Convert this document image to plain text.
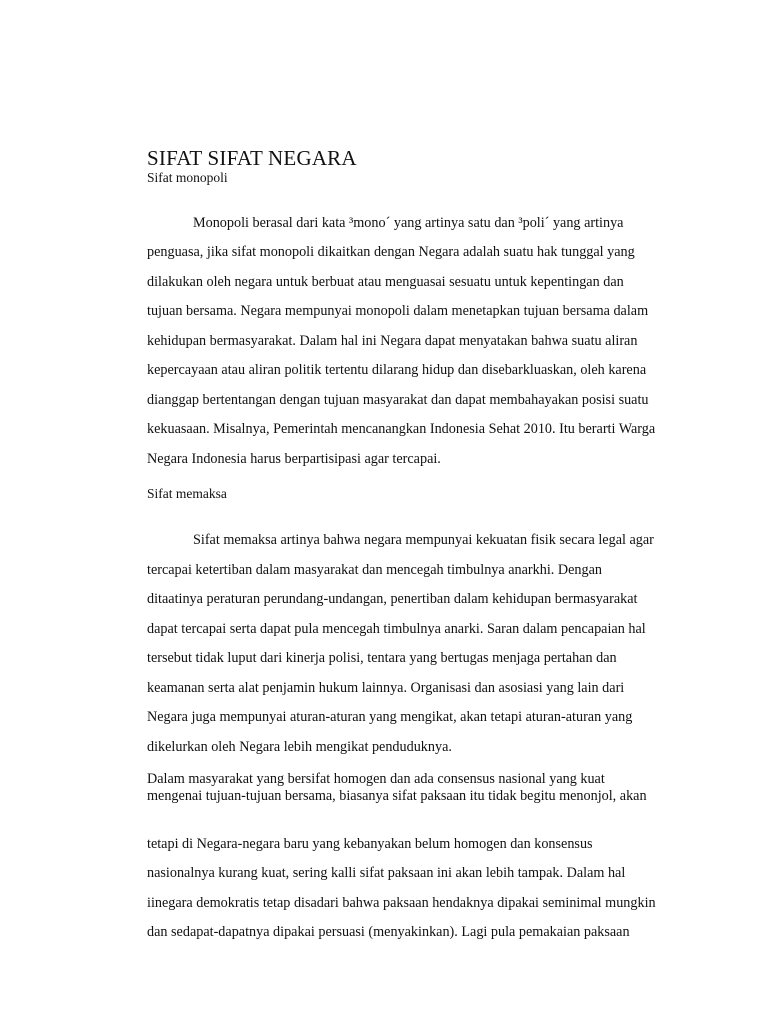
SIFAT SIFAT NEGARA
Sifat monopoli
Monopoli berasal dari kata ³mono´ yang artinya satu dan ³poli´ yang artinya
penguasa, jika sifat monopoli dikaitkan dengan Negara adalah suatu hak tunggal yang
dilakukan oleh negara untuk berbuat atau menguasai sesuatu untuk kepentingan dan
tujuan bersama. Negara mempunyai monopoli dalam menetapkan tujuan bersama dalam
kehidupan bermasyarakat. Dalam hal ini Negara dapat menyatakan bahwa suatu aliran
kepercayaan atau aliran politik tertentu dilarang hidup dan disebarkluaskan, oleh karena
dianggap bertentangan dengan tujuan masyarakat dan dapat membahayakan posisi suatu
kekuasaan. Misalnya, Pemerintah mencanangkan Indonesia Sehat 2010. Itu berarti Warga
Negara Indonesia harus berpartisipasi agar tercapai.
Sifat memaksa
Sifat memaksa artinya bahwa negara mempunyai kekuatan fisik secara legal agar
tercapai ketertiban dalam masyarakat dan mencegah timbulnya anarkhi. Dengan
ditaatinya peraturan perundang-undangan, penertiban dalam kehidupan bermasyarakat
dapat tercapai serta dapat pula mencegah timbulnya anarki. Saran dalam pencapaian hal
tersebut tidak luput dari kinerja polisi, tentara yang bertugas menjaga pertahan dan
keamanan serta alat penjamin hukum lainnya. Organisasi dan asosiasi yang lain dari
Negara juga mempunyai aturan-aturan yang mengikat, akan tetapi aturan-aturan yang
dikelurkan oleh Negara lebih mengikat penduduknya.
Dalam masyarakat yang bersifat homogen dan ada consensus nasional yang kuat
mengenai tujuan-tujuan bersama, biasanya sifat paksaan itu tidak begitu menonjol, akan
tetapi di Negara-negara baru yang kebanyakan belum homogen dan konsensus
nasionalnya kurang kuat, sering kalli sifat paksaan ini akan lebih tampak. Dalam hal
iinegara demokratis tetap disadari bahwa paksaan hendaknya dipakai seminimal mungkin
dan sedapat-dapatnya dipakai persuasi (menyakinkan). Lagi pula pemakaian paksaan
